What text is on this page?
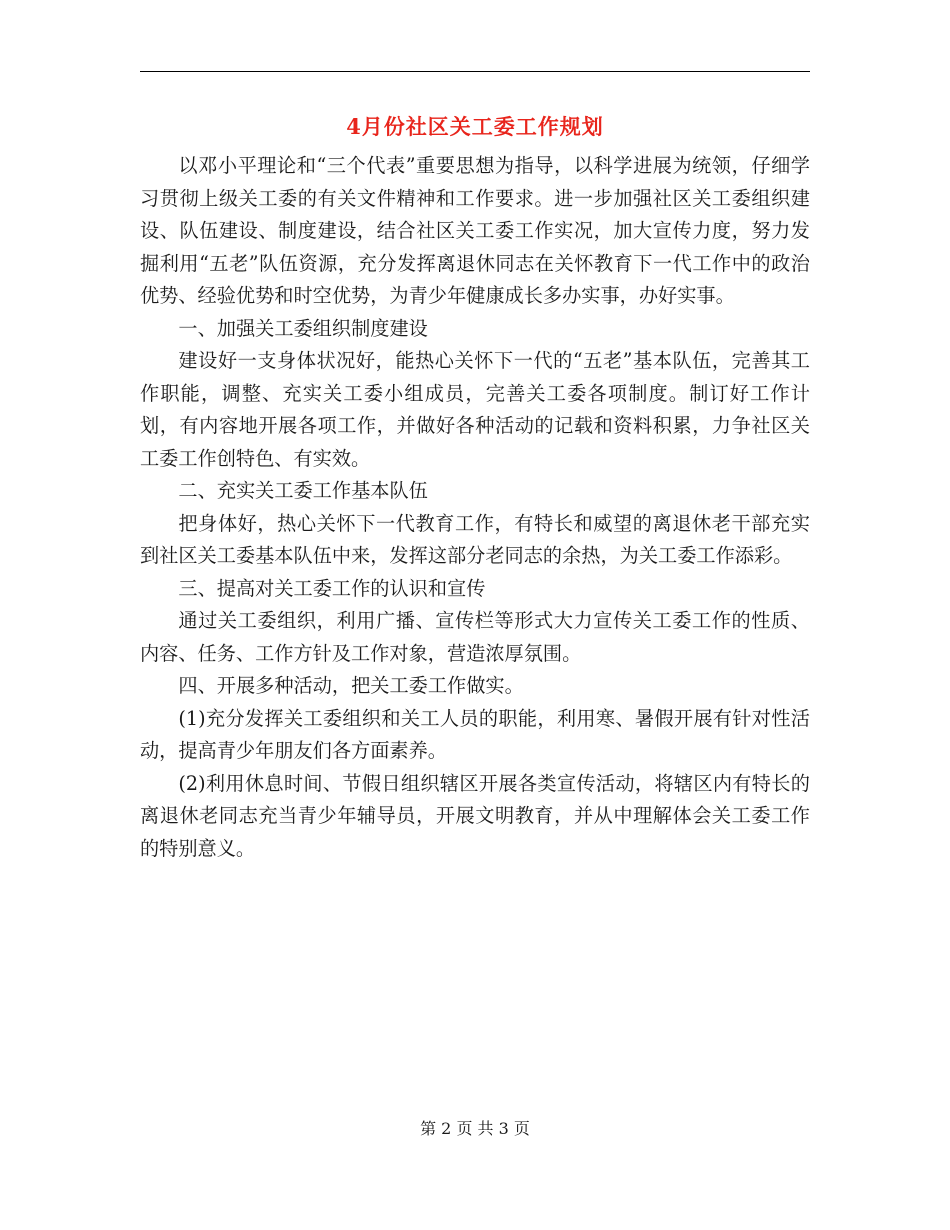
4月份社区关工委工作规划

以邓小平理论和“三个代表”重要思想为指导，以科学进展为统领，仔细学习贯彻上级关工委的有关文件精神和工作要求。进一步加强社区关工委组织建设、队伍建设、制度建设，结合社区关工委工作实况，加大宣传力度，努力发掘利用“五老”队伍资源，充分发挥离退休同志在关怀教育下一代工作中的政治优势、经验优势和时空优势，为青少年健康成长多办实事，办好实事。

一、加强关工委组织制度建设

建设好一支身体状况好，能热心关怀下一代的“五老”基本队伍，完善其工作职能，调整、充实关工委小组成员，完善关工委各项制度。制订好工作计划，有内容地开展各项工作，并做好各种活动的记载和资料积累，力争社区关工委工作创特色、有实效。

二、充实关工委工作基本队伍

把身体好，热心关怀下一代教育工作，有特长和威望的离退休老干部充实到社区关工委基本队伍中来，发挥这部分老同志的余热，为关工委工作添彩。

三、提高对关工委工作的认识和宣传

通过关工委组织，利用广播、宣传栏等形式大力宣传关工委工作的性质、内容、任务、工作方针及工作对象，营造浓厚氛围。

四、开展多种活动，把关工委工作做实。

(1)充分发挥关工委组织和关工人员的职能，利用寒、暑假开展有针对性活动，提高青少年朋友们各方面素养。

(2)利用休息时间、节假日组织辖区开展各类宣传活动，将辖区内有特长的离退休老同志充当青少年辅导员，开展文明教育，并从中理解体会关工委工作的特别意义。

第 2 页 共 3 页
